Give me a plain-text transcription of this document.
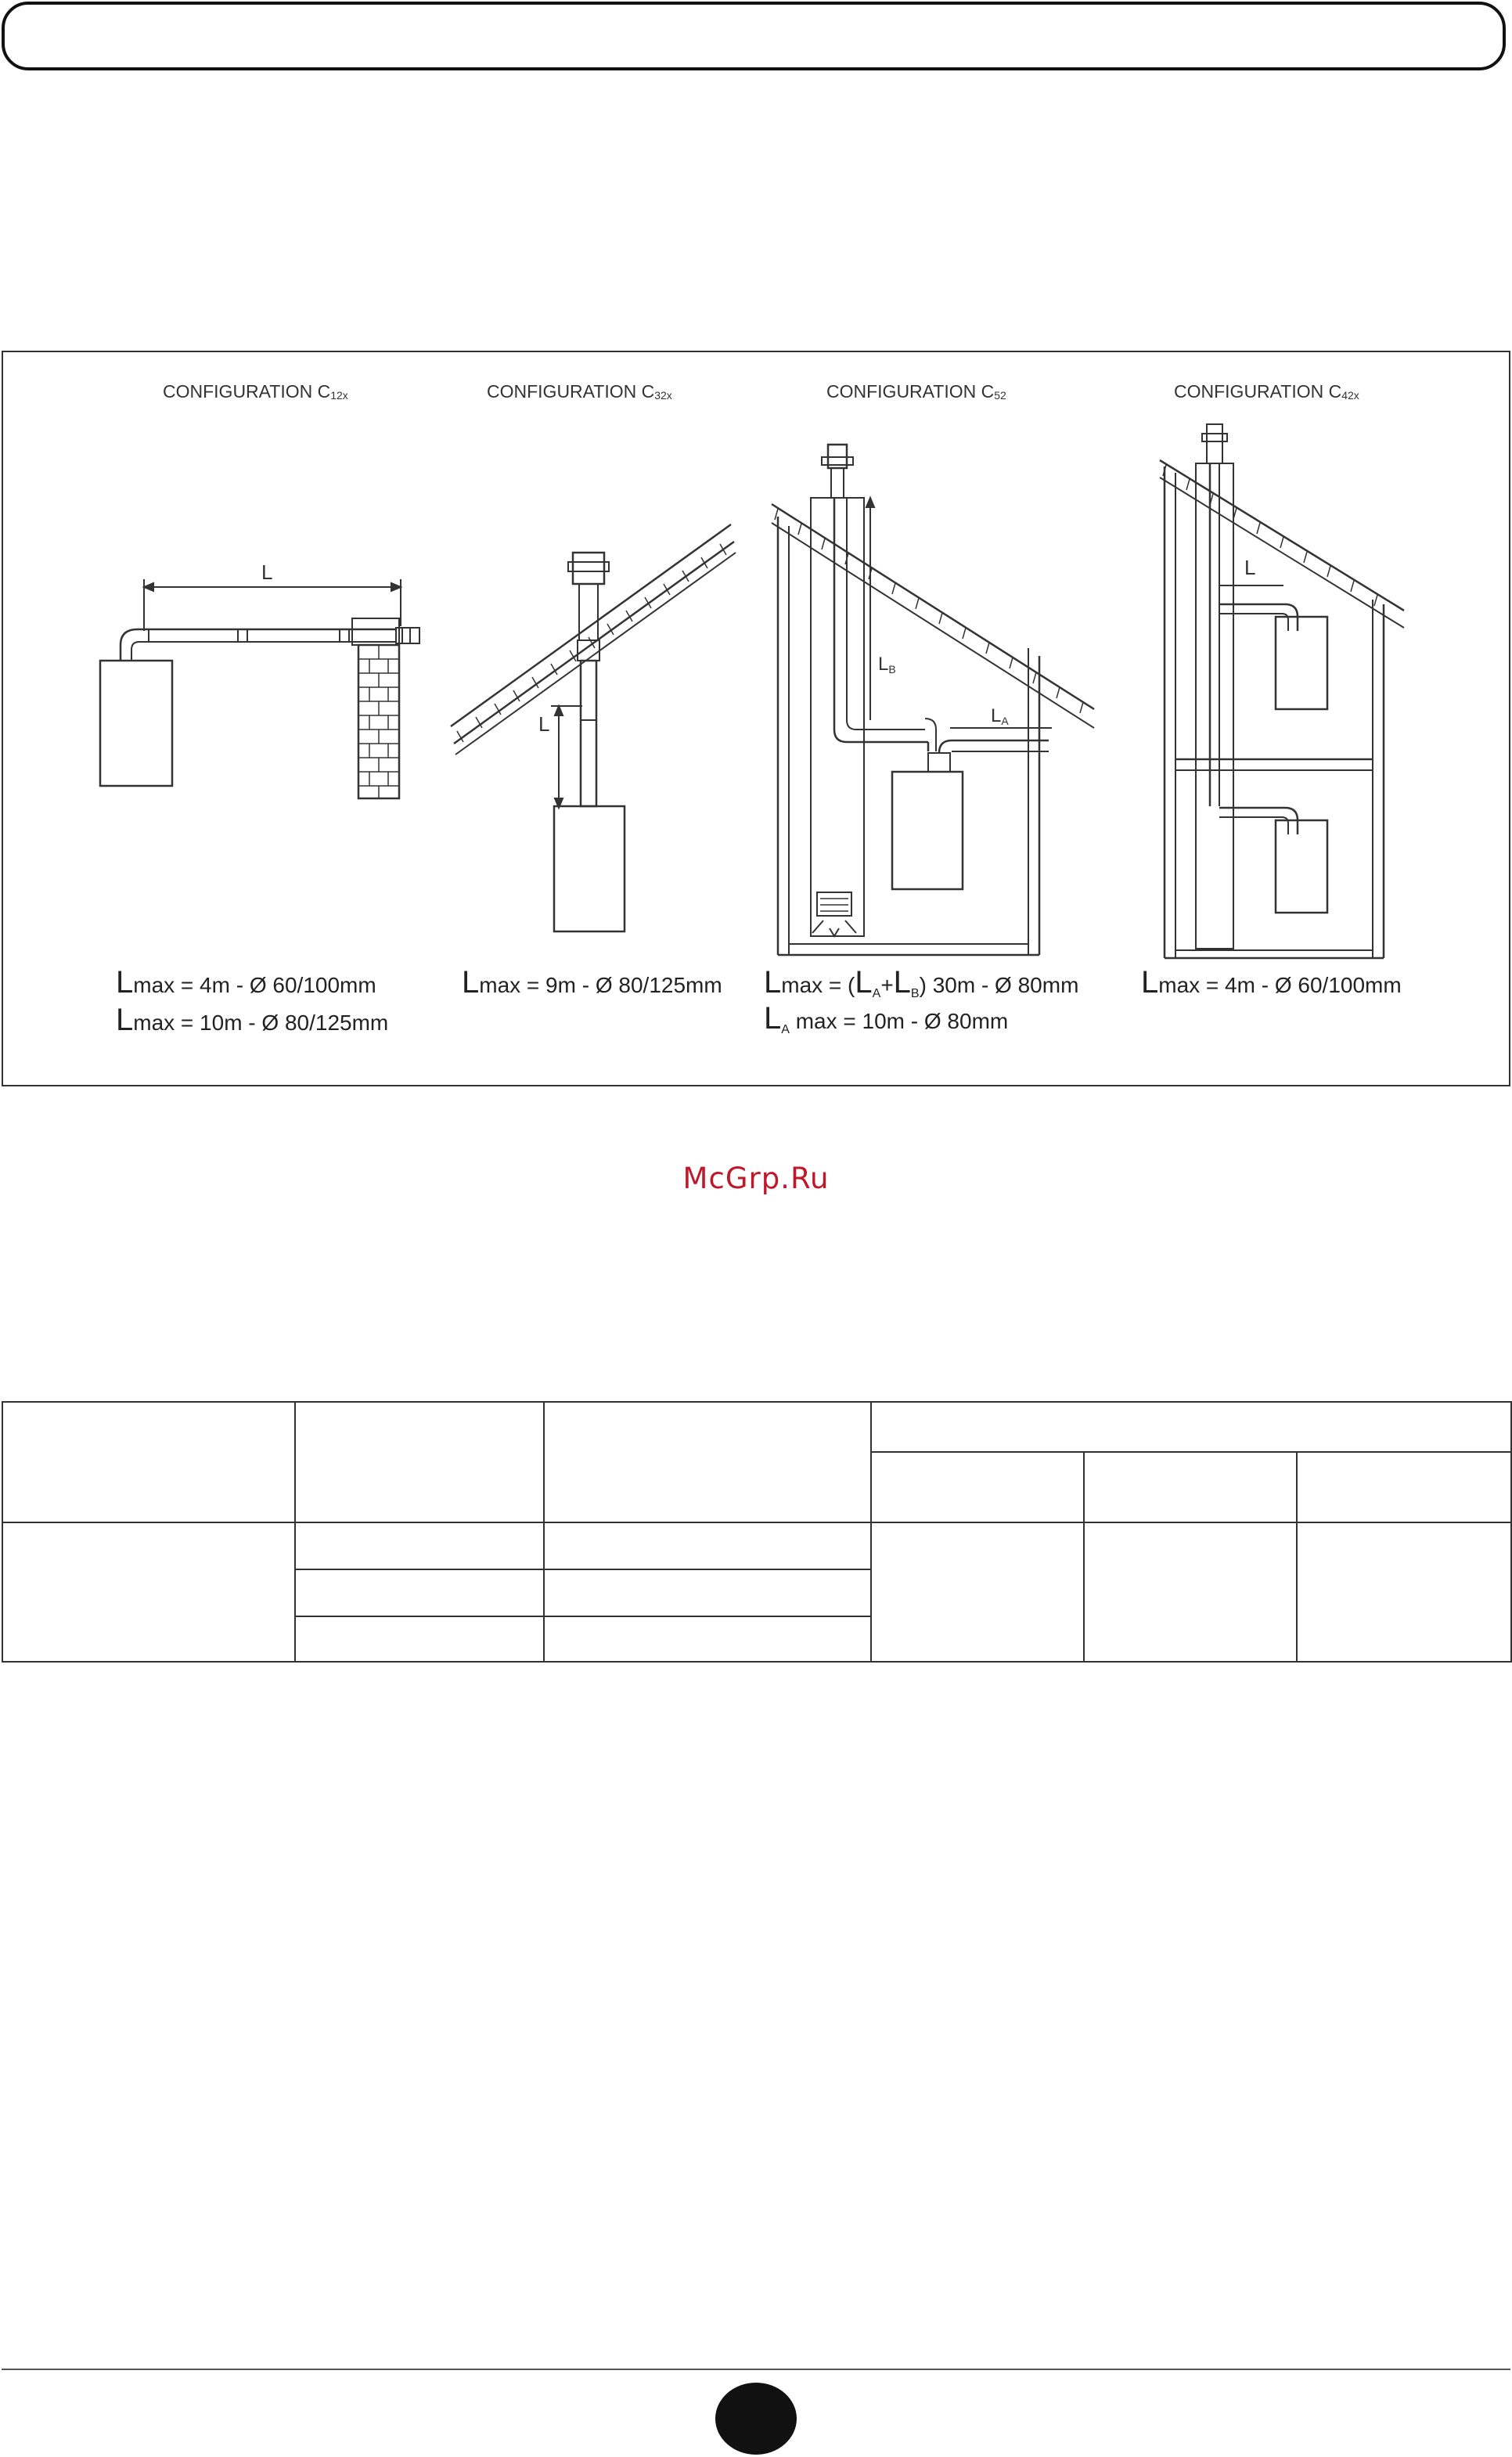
CONFIGURATION C12x	CONFIGURATION C32x	CONFIGURATION C52	CONFIGURATION C42x
L
L
LB
LA
L
Lmax = 4m - Ø 60/100mm
Lmax = 10m - Ø 80/125mm
Lmax = 9m - Ø 80/125mm $Lmax = (L_A+L_B)$ 30m - Ø 80mm
$L_A$ max = 10m - Ø 80mm
Lmax = 4m - Ø 60/100mm
McGrp.Ru
